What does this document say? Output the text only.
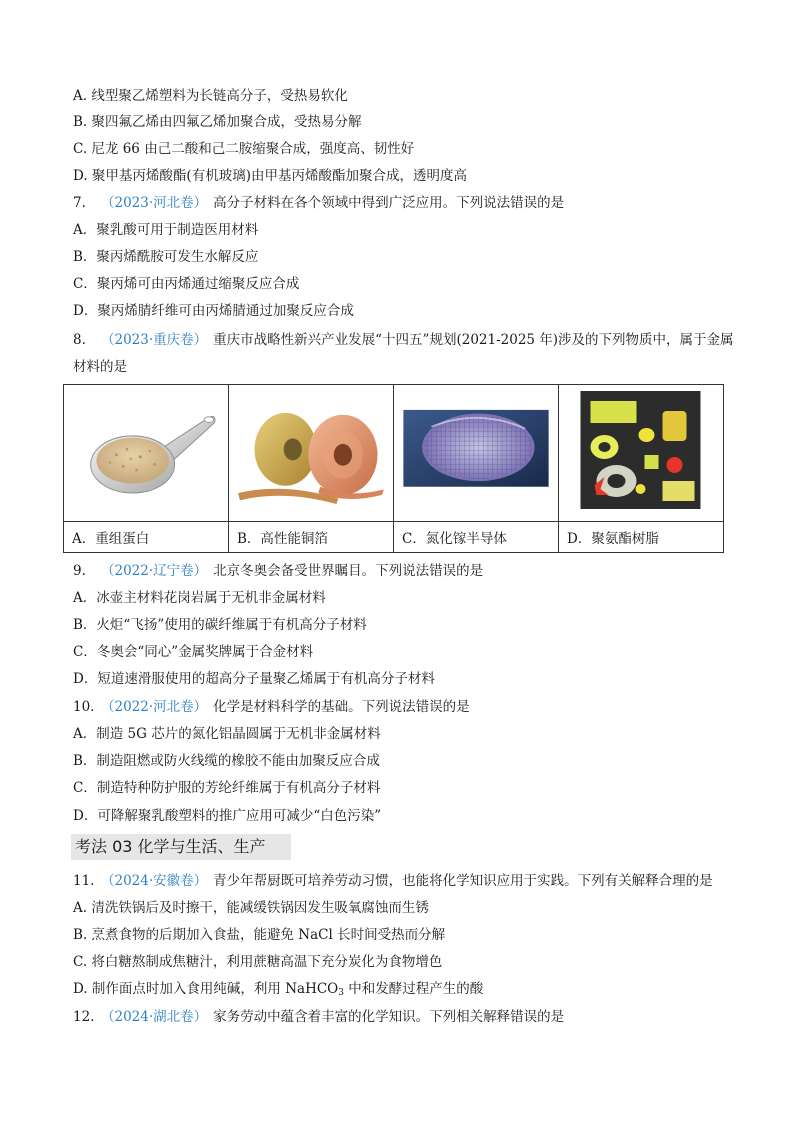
A. 线型聚乙烯塑料为长链高分子，受热易软化
B. 聚四氟乙烯由四氟乙烯加聚合成，受热易分解
C. 尼龙 66 由己二酸和己二胺缩聚合成，强度高、韧性好
D. 聚甲基丙烯酸酯(有机玻璃)由甲基丙烯酸酯加聚合成，透明度高
7. （2023·河北卷） 高分子材料在各个领域中得到广泛应用。下列说法错误的是
A．聚乳酸可用于制造医用材料
B．聚丙烯酰胺可发生水解反应
C．聚丙烯可由丙烯通过缩聚反应合成
D．聚丙烯腈纤维可由丙烯腈通过加聚反应合成
8. （2023·重庆卷） 重庆市战略性新兴产业发展“十四五”规划(2021-2025 年)涉及的下列物质中，属于金属
材料的是

A．重组蛋白	B．高性能铜箔	C．氮化镓半导体	D．聚氨酯树脂
9. （2022·辽宁卷） 北京冬奥会备受世界瞩目。下列说法错误的是
A．冰壶主材料花岗岩属于无机非金属材料
B．火炬“飞扬”使用的碳纤维属于有机高分子材料
C．冬奥会“同心”金属奖牌属于合金材料
D．短道速滑服使用的超高分子量聚乙烯属于有机高分子材料
10. （2022·河北卷） 化学是材料科学的基础。下列说法错误的是
A．制造 5G 芯片的氮化铝晶圆属于无机非金属材料
B．制造阻燃或防火线缆的橡胶不能由加聚反应合成
C．制造特种防护服的芳纶纤维属于有机高分子材料
D．可降解聚乳酸塑料的推广应用可减少“白色污染”
考法 03 化学与生活、生产
11. （2024·安徽卷） 青少年帮厨既可培养劳动习惯，也能将化学知识应用于实践。下列有关解释合理的是
A. 清洗铁锅后及时擦干，能减缓铁锅因发生吸氧腐蚀而生锈
B. 烹煮食物的后期加入食盐，能避免 NaCl 长时间受热而分解
C. 将白糖熬制成焦糖汁，利用蔗糖高温下充分炭化为食物增色
D. 制作面点时加入食用纯碱，利用 NaHCO$_3$ 中和发酵过程产生的酸
12. （2024·湖北卷） 家务劳动中蕴含着丰富的化学知识。下列相关解释错误的是
